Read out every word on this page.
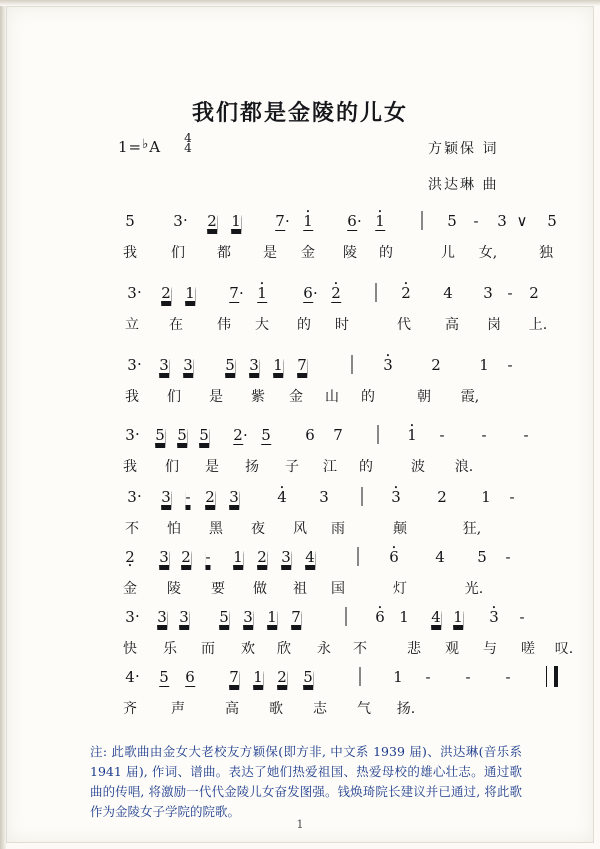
我们都是金陵的儿女
1=♭A 4
4	方颖保 词
洪达琳 曲
5	3 · 2 1 7 · • 1 6 · • 1	5 - 3 ∨ 5
我 们 都 是 金 陵 的	儿 女,	独
3 · 2 1 7 · • 1 6 · • 2	• 2 4 3 - 2
立 在 伟 大 的 时	代 高 岗 上.
3 · 3 3 5 3 1 7	• 3	2	1 -
我 们 是 紫 金 山 的	朝 霞,
3 · 5 5 5 2 · 5 6 7	• 1 - - -
我 们 是 扬 子 江 的	波 浪.
3 · 3 - 2 3	• 4 3	• 3 2 1 -
不 怕 黑 夜 风 雨	颠	狂,
2 • 3 2 - 1 2 3 4	• 6 4 5 -
金 陵 要 做 祖 国	灯	光.
3 · 3 3 5 3 1 7	• 6 1 4 1 • 3 -
快 乐 而 欢 欣 永 不	悲 观 与 嗟 叹.
4 · 5 6 7 1 2 5	1 - - -
齐 声	高 歌 志 气 扬.
注: 此歌曲由金女大老校友方颖保(即方非, 中文系 1939 届)、洪达琳(音乐系 1941 届), 作词、谱曲。表达了她们热爱祖国、热爱母校的雄心壮志。通过歌曲的传唱, 将激励一代代金陵儿女奋发图强。钱焕琦院长建议并已通过, 将此歌作为金陵女子学院的院歌。
1
